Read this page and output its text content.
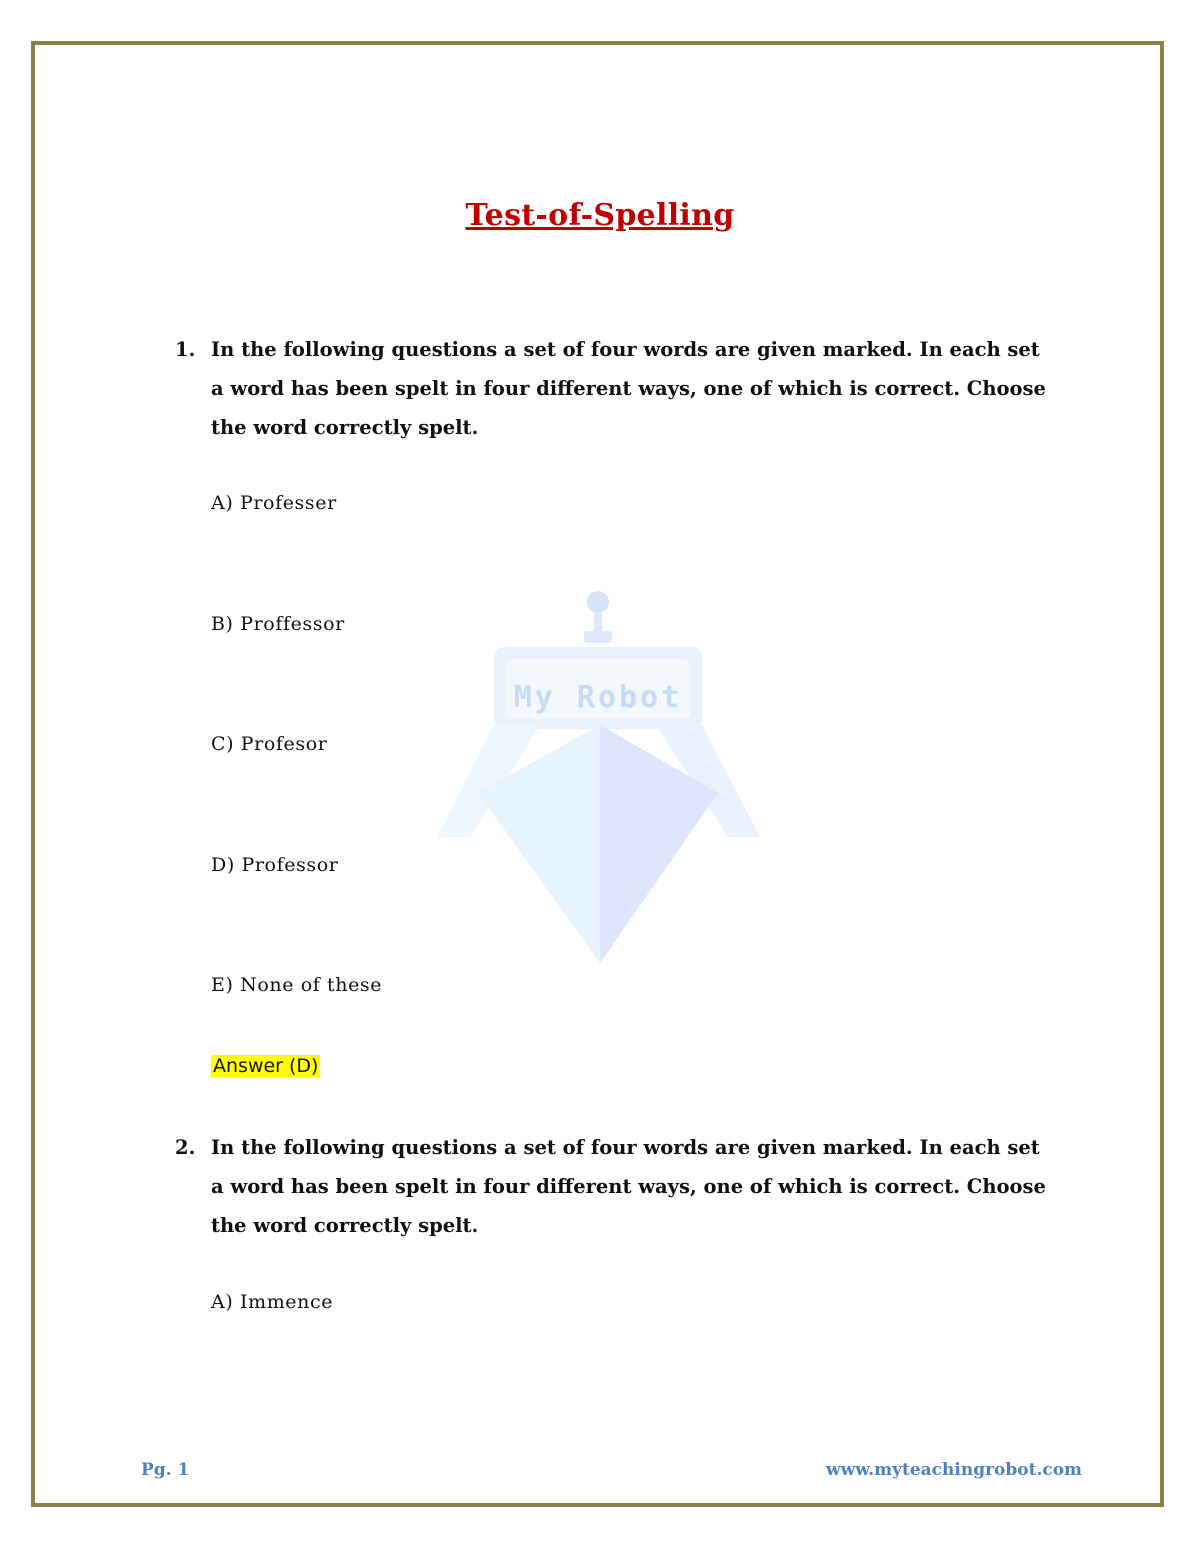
My Robot
Test-of-Spelling
1. In the following questions a set of four words are given marked. In each set a word has been spelt in four different ways, one of which is correct. Choose the word correctly spelt.
A) Professer
B) Proffessor
C) Profesor
D) Professor
E) None of these
Answer (D)
2. In the following questions a set of four words are given marked. In each set a word has been spelt in four different ways, one of which is correct. Choose the word correctly spelt.
A) Immence
Pg. 1	www.myteachingrobot.com
